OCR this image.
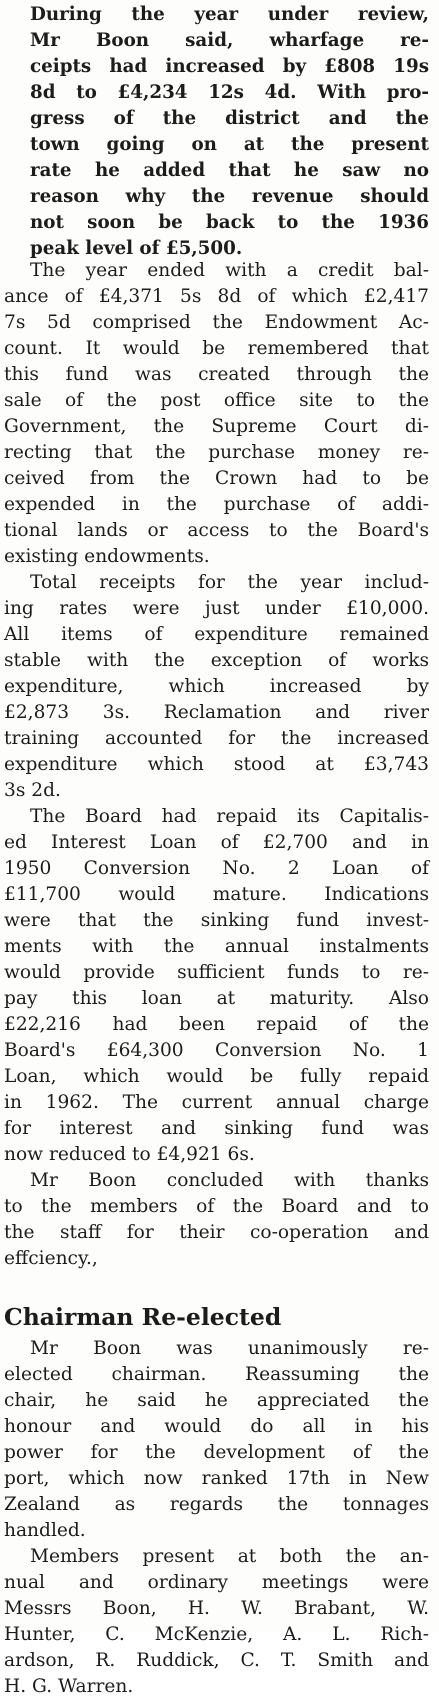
During the year under review,
Mr Boon said, wharfage re-
ceipts had increased by £808 19s
8d to £4,234 12s 4d. With pro-
gress of the district and the
town going on at the present
rate he added that he saw no
reason why the revenue should
not soon be back to the 1936
peak level of £5,500.
The year ended with a credit bal-
ance of £4,371 5s 8d of which £2,417
7s 5d comprised the Endowment Ac-
count. It would be remembered that
this fund was created through the
sale of the post office site to the
Government, the Supreme Court di-
recting that the purchase money re-
ceived from the Crown had to be
expended in the purchase of addi-
tional lands or access to the Board's
existing endowments.
Total receipts for the year includ-
ing rates were just under £10,000.
All items of expenditure remained
stable with the exception of works
expenditure, which increased by
£2,873 3s. Reclamation and river
training accounted for the increased
expenditure which stood at £3,743
3s 2d.
The Board had repaid its Capitalis-
ed Interest Loan of £2,700 and in
1950 Conversion No. 2 Loan of
£11,700 would mature. Indications
were that the sinking fund invest-
ments with the annual instalments
would provide sufficient funds to re-
pay this loan at maturity. Also
£22,216 had been repaid of the
Board's £64,300 Conversion No. 1
Loan, which would be fully repaid
in 1962. The current annual charge
for interest and sinking fund was
now reduced to £4,921 6s.
Mr Boon concluded with thanks
to the members of the Board and to
the staff for their co-operation and
effciency.,
Chairman Re-elected
Mr Boon was unanimously re-
elected chairman. Reassuming the
chair, he said he appreciated the
honour and would do all in his
power for the development of the
port, which now ranked 17th in New
Zealand as regards the tonnages
handled.
Members present at both the an-
nual and ordinary meetings were
Messrs Boon, H. W. Brabant, W.
Hunter, C. McKenzie, A. L. Rich-
ardson, R. Ruddick, C. T. Smith and
H. G. Warren.
